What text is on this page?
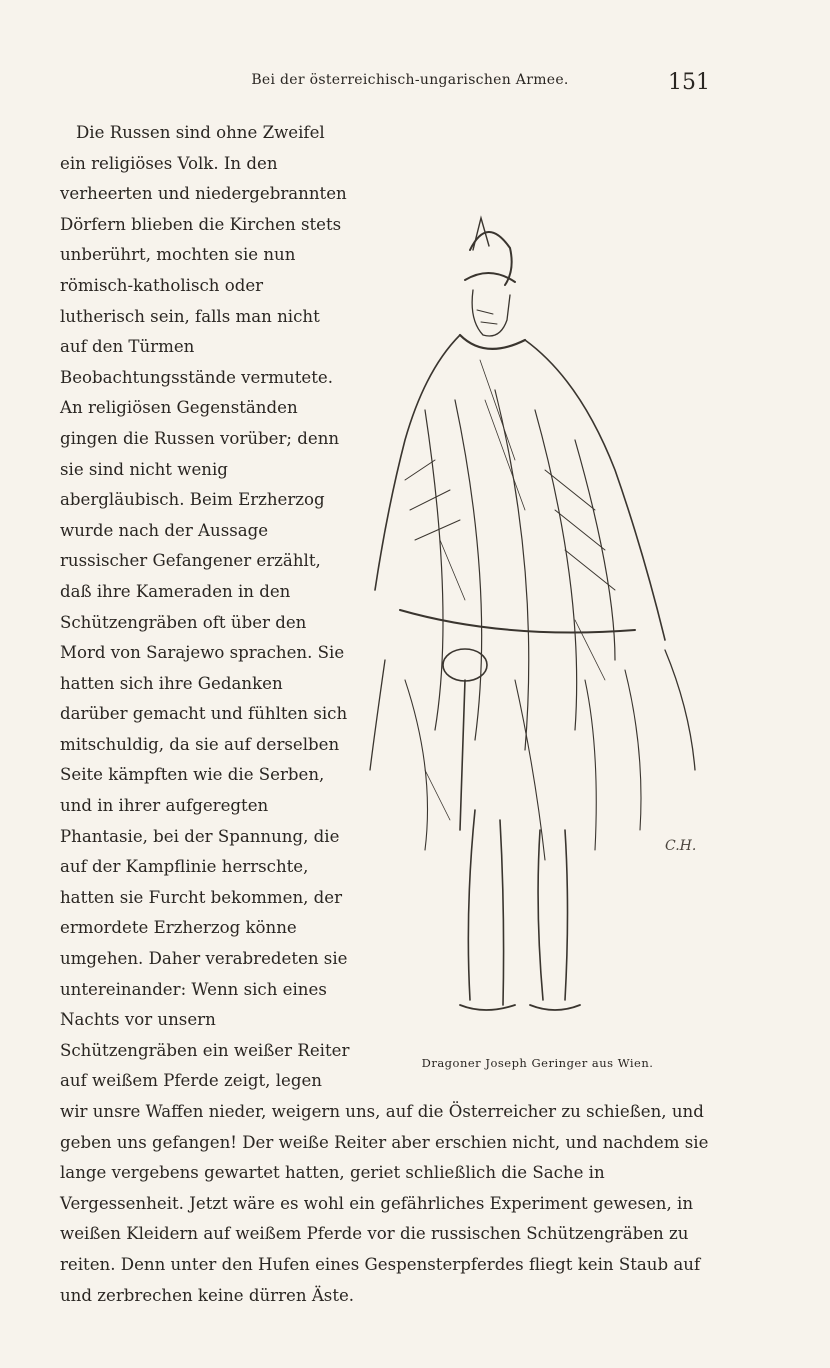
Bei der österreichisch-ungarischen Armee.	151
C.H.
Dragoner Joseph Geringer aus Wien.

Die Russen sind ohne Zweifel ein religiöses Volk. In den verheerten und niedergebrannten Dörfern blieben die Kirchen stets unberührt, mochten sie nun römisch-katholisch oder lutherisch sein, falls man nicht auf den Türmen Beobachtungsstände vermutete. An religiösen Gegenständen gingen die Russen vorüber; denn sie sind nicht wenig abergläubisch. Beim Erzherzog wurde nach der Aussage russischer Gefangener erzählt, daß ihre Kameraden in den Schützengräben oft über den Mord von Sarajewo sprachen. Sie hatten sich ihre Gedanken darüber gemacht und fühlten sich mitschuldig, da sie auf derselben Seite kämpften wie die Serben, und in ihrer aufgeregten Phantasie, bei der Spannung, die auf der Kampflinie herrschte, hatten sie Furcht bekommen, der ermordete Erzherzog könne umgehen. Daher verabredeten sie untereinander: Wenn sich eines Nachts vor unsern Schützengräben ein weißer Reiter auf weißem Pferde zeigt, legen wir unsre Waffen nieder, weigern uns, auf die Österreicher zu schießen, und geben uns gefangen! Der weiße Reiter aber erschien nicht, und nachdem sie lange vergebens gewartet hatten, geriet schließlich die Sache in Vergessenheit. Jetzt wäre es wohl ein gefährliches Experiment gewesen, in weißen Kleidern auf weißem Pferde vor die russischen Schützengräben zu reiten. Denn unter den Hufen eines Gespensterpferdes fliegt kein Staub auf und zerbrechen keine dürren Äste.
